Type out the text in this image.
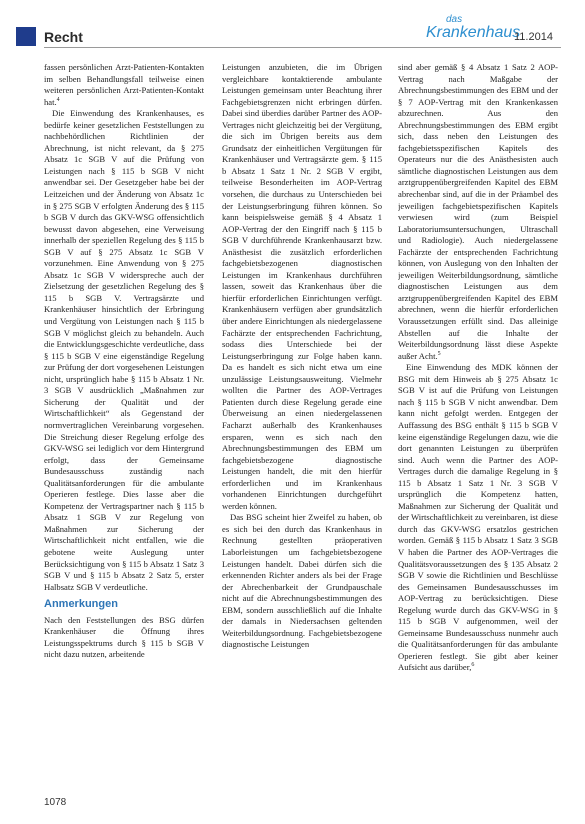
Recht
das
Krankenhaus
11.2014

fassen persönlichen Arzt-Patienten-Kontakten im selben Behandlungsfall teilweise einen weiteren persönlichen Arzt-Patienten-Kontakt hat.$^4$

Die Einwendung des Krankenhauses, es bedürfe keiner gesetzlichen Feststellungen zu nachbehördlichen Richtlinien der Abrechnung, ist nicht relevant, da § 275 Absatz 1c SGB V auf die Prüfung von Leistungen nach § 115 b SGB V nicht anwendbar sei. Der Gesetzgeber habe bei der Leitzeichen und der Änderung von Absatz 1c in § 275 SGB V erfolgten Änderung des § 115 b SGB V durch das GKV-WSG offensichtlich bewusst davon abgesehen, eine Verweisung innerhalb der speziellen Regelung des § 115 b SGB V auf § 275 Absatz 1c SGB V vorzunehmen. Eine Anwendung von § 275 Absatz 1c SGB V widerspreche auch der Zielsetzung der gesetzlichen Regelung des § 115 b SGB V. Vertragsärzte und Krankenhäuser hinsichtlich der Erbringung und Vergütung von Leistungen nach § 115 b SGB V möglichst gleich zu behandeln. Auch die Entwicklungsgeschichte verdeutliche, dass § 115 b SGB V eine eigenständige Regelung zur Prüfung der dort vorgesehenen Leistungen nicht, ursprünglich habe § 115 b Absatz 1 Nr. 3 SGB V ausdrücklich „Maßnahmen zur Sicherung der Qualität und der Wirtschaftlichkeit“ als Gegenstand der normvertraglichen Vereinbarung vorgesehen. Die Streichung dieser Regelung erfolge des GKV-WSG sei lediglich vor dem Hintergrund erfolgt, dass der Gemeinsame Bundesausschuss zuständig nach Qualitätsanforderungen für die ambulante Operieren festlege. Dies lasse aber die Kompetenz der Vertragspartner nach § 115 b Absatz 1 SGB V zur Regelung von Maßnahmen zur Sicherung der Wirtschaftlichkeit nicht entfallen, wie die gebotene weite Auslegung unter Berücksichtigung von § 115 b Absatz 1 Satz 3 SGB V und § 115 b Absatz 2 Satz 5, erster Halbsatz SGB V verdeutliche.

Anmerkungen

Nach den Feststellungen des BSG dürfen Krankenhäuser die Öffnung ihres Leistungsspektrums durch § 115 b SGB V nicht dazu nutzen, arbeitende

Leistungen anzubieten, die im Übrigen vergleichbare kontaktierende ambulante Leistungen gemeinsam unter Beachtung ihrer Fachgebietsgrenzen nicht erbringen dürfen. Dabei sind überdies darüber Partner des AOP-Vertrages nicht gleichzeitig bei der Vergütung, die sich im Übrigen bereits aus dem Grundsatz der einheitlichen Vergütungen für Krankenhäuser und Vertragsärzte gem. § 115 b Absatz 1 Satz 1 Nr. 2 SGB V ergibt, teilweise Besonderheiten im AOP-Vertrag vorsehen, die durchaus zu Unterschieden bei der Leistungserbringung führen können. So kann beispielsweise gemäß § 4 Absatz 1 AOP-Vertrag der den Eingriff nach § 115 b SGB V durchführende Krankenhausarzt bzw. Anästhesist die zusätzlich erforderlichen fachgebietsbezogenen diagnostischen Leistungen im Krankenhaus durchführen lassen, soweit das Krankenhaus über die hierfür erforderlichen Einrichtungen verfügt. Krankenhäusern verfügen aber grundsätzlich über andere Einrichtungen als niedergelassene Fachärzte der entsprechenden Fachrichtung, sodass dies Unterschiede bei der Leistungserbringung zur Folge haben kann. Da es handelt es sich nicht etwa um eine unzulässige Leistungsausweitung. Vielmehr wollten die Partner des AOP-Vertrages Patienten durch diese Regelung gerade eine Überweisung an einen niedergelassenen Facharzt außerhalb des Krankenhauses ersparen, wenn es sich nach den Abrechnungsbestimmungen des EBM um fachgebietsbezogene diagnostische Leistungen handelt, die mit den hierfür erforderlichen und im Krankenhaus vorhandenen Einrichtungen durchgeführt werden können.

Das BSG scheint hier Zweifel zu haben, ob es sich bei den durch das Krankenhaus in Rechnung gestellten präoperativen Laborleistungen um fachgebietsbezogene Leistungen handelt. Dabei dürfen sich die erkennenden Richter anders als bei der Frage der Abrechenbarkeit der Grundpauschale nicht auf die Abrechnungsbestimmungen des EBM, sondern ausschließlich auf die Inhalte der damals in Niedersachsen geltenden Weiterbildungsordnung. Fachgebietsbezogene diagnostische Leistungen

sind aber gemäß § 4 Absatz 1 Satz 2 AOP-Vertrag nach Maßgabe der Abrechnungsbestimmungen des EBM und der § 7 AOP-Vertrag mit den Krankenkassen abzurechnen. Aus den Abrechnungsbestimmungen des EBM ergibt sich, dass neben den Leistungen des fachgebietsspezifischen Kapitels des Operateurs nur die des Anästhesisten auch sämtliche diagnostischen Leistungen aus dem arztgruppenübergreifenden Kapitel des EBM abrechenbar sind, auf die in der Präambel des jeweiligen fachgebietspezifischen Kapitels verwiesen wird (zum Beispiel Laboratoriumsuntersuchungen, Ultraschall und Radiologie). Auch niedergelassene Fachärzte der entsprechenden Fachrichtung können, von Auslegung von den Inhalten der jeweiligen Weiterbildungsordnung, sämtliche diagnostischen Leistungen aus dem arztgruppenübergreifenden Kapitel des EBM abrechnen, wenn die hierfür erforderlichen Voraussetzungen erfüllt sind. Das alleinige Abstellen auf die Inhalte der Weiterbildungsordnung lässt diese Aspekte außer Acht.$^5$

Eine Einwendung des MDK können der BSG mit dem Hinweis ab § 275 Absatz 1c SGB V ist auf die Prüfung von Leistungen nach § 115 b SGB V nicht anwendbar. Dem kann nicht gefolgt werden. Entgegen der Auffassung des BSG enthält § 115 b SGB V keine eigenständige Regelungen dazu, wie die dort genannten Leistungen zu überprüfen sind. Auch wenn die Partner des AOP-Vertrages durch die damalige Regelung in § 115 b Absatz 1 Satz 1 Nr. 3 SGB V ursprünglich die Kompetenz hatten, Maßnahmen zur Sicherung der Qualität und der Wirtschaftlichkeit zu vereinbaren, ist diese durch das GKV-WSG ersatzlos gestrichen worden. Gemäß § 115 b Absatz 1 Satz 3 SGB V haben die Partner des AOP-Vertrages die Qualitätsvoraussetzungen des § 135 Absatz 2 SGB V sowie die Richtlinien und Beschlüsse des Gemeinsamen Bundesausschusses im AOP-Vertrag zu berücksichtigen. Diese Regelung wurde durch das GKV-WSG in § 115 b SGB V aufgenommen, weil der Gemeinsame Bundesausschuss nunmehr auch die Qualitätsanforderungen für das ambulante Operieren festlegt. Sie gibt aber keiner Aufsicht aus darüber,$^6$

1078
